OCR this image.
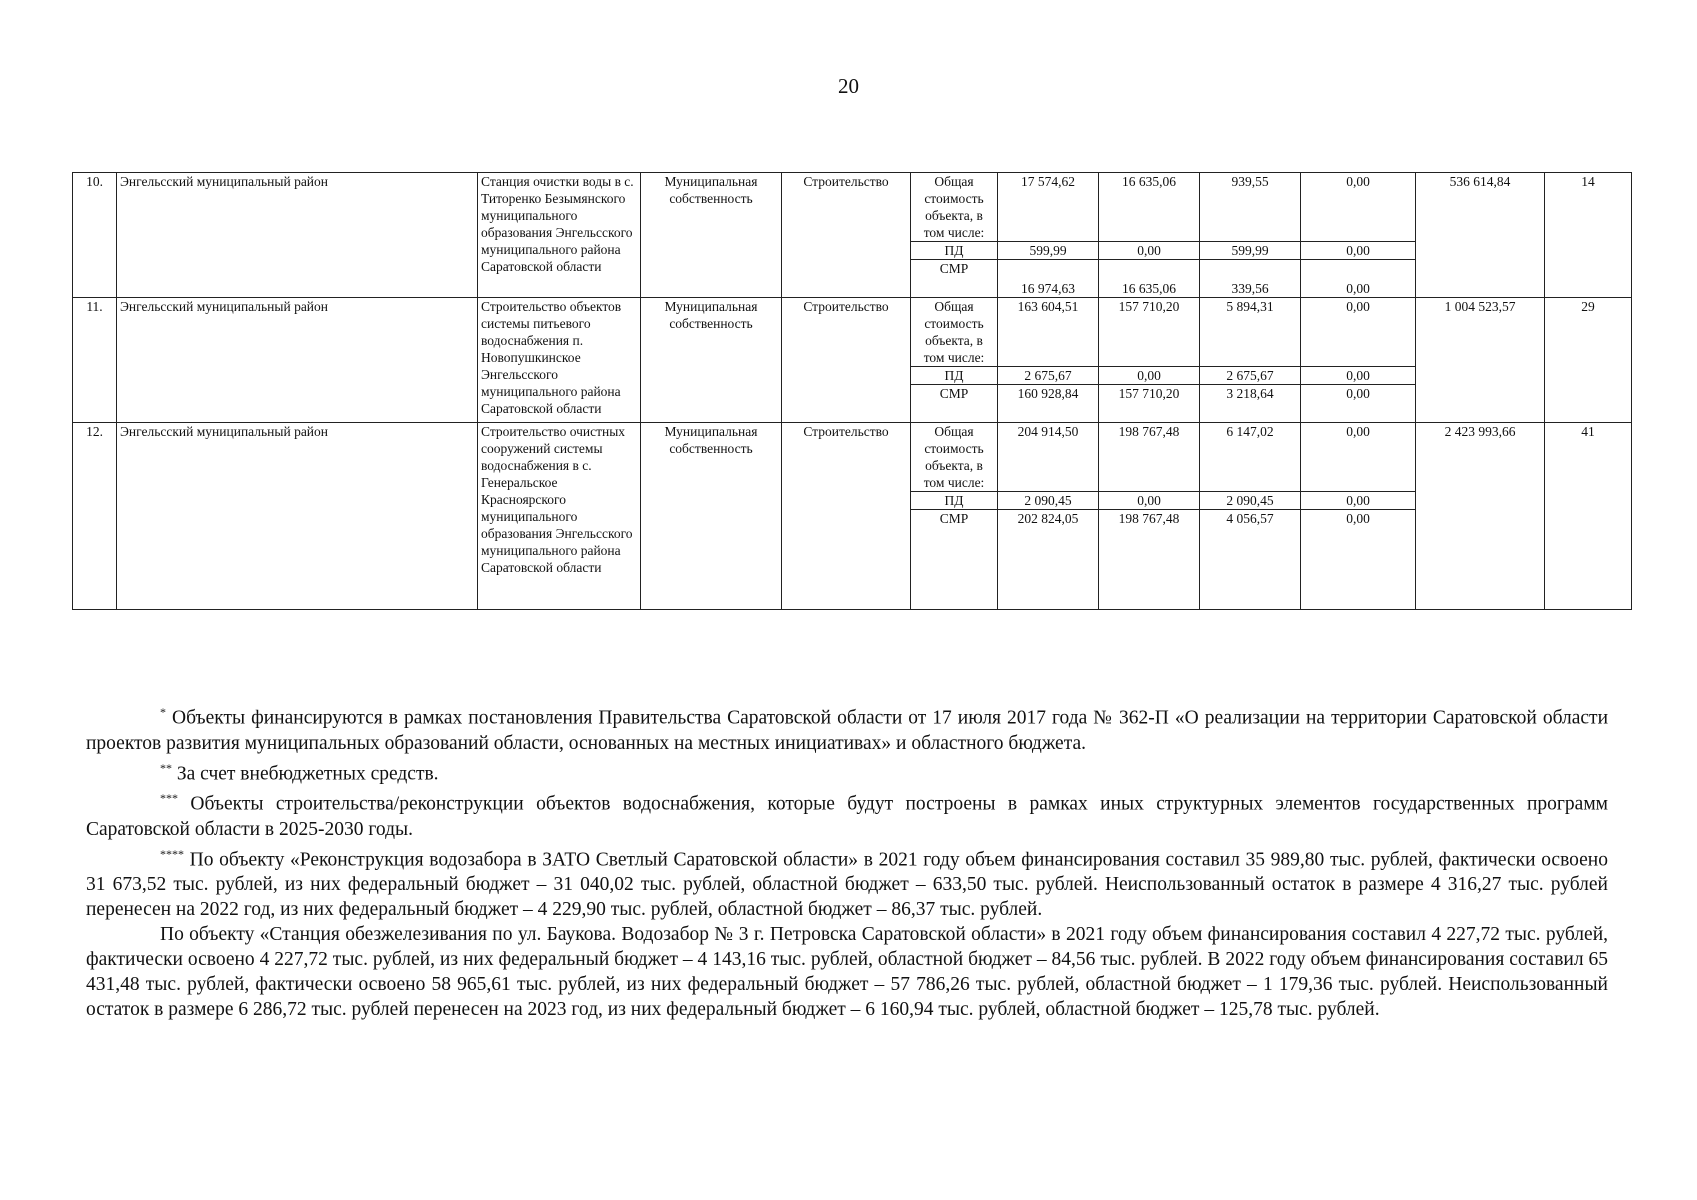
20
10.	Энгельсский муниципальный район	Станция очистки воды в с. Титоренко Безымянского муниципального образования Энгельсского муниципального района Саратовской области	Муниципальная собственность	Строительство	Общая стоимость объекта, в том числе:	17 574,62	16 635,06	939,55	0,00	536 614,84	14
					ПД	599,99	0,00	599,99	0,00		
					СМР	16 974,63	16 635,06	339,56	0,00		
11.	Энгельсский муниципальный район	Строительство объектов системы питьевого водоснабжения п. Новопушкинское Энгельсского муниципального района Саратовской области	Муниципальная собственность	Строительство	Общая стоимость объекта, в том числе:	163 604,51	157 710,20	5 894,31	0,00	1 004 523,57	29
					ПД	2 675,67	0,00	2 675,67	0,00		
					СМР	160 928,84	157 710,20	3 218,64	0,00		
12.	Энгельсский муниципальный район	Строительство очистных сооружений системы водоснабжения в с. Генеральское Красноярского муниципального образования Энгельсского муниципального района Саратовской области	Муниципальная собственность	Строительство	Общая стоимость объекта, в том числе:	204 914,50	198 767,48	6 147,02	0,00	2 423 993,66	41
					ПД	2 090,45	0,00	2 090,45	0,00		
					СМР	202 824,05	198 767,48	4 056,57	0,00		

* Объекты финансируются в рамках постановления Правительства Саратовской области от 17 июля 2017 года № 362-П «О реализации на территории Саратовской области проектов развития муниципальных образований области, основанных на местных инициативах» и областного бюджета.

** За счет внебюджетных средств.

*** Объекты строительства/реконструкции объектов водоснабжения, которые будут построены в рамках иных структурных элементов государственных программ Саратовской области в 2025-2030 годы.

**** По объекту «Реконструкция водозабора в ЗАТО Светлый Саратовской области» в 2021 году объем финансирования составил 35 989,80 тыс. рублей, фактически освоено 31 673,52 тыс. рублей, из них федеральный бюджет – 31 040,02 тыс. рублей, областной бюджет – 633,50 тыс. рублей. Неиспользованный остаток в размере 4 316,27 тыс. рублей перенесен на 2022 год, из них федеральный бюджет – 4 229,90 тыс. рублей, областной бюджет – 86,37 тыс. рублей.

По объекту «Станция обезжелезивания по ул. Баукова. Водозабор № 3 г. Петровска Саратовской области» в 2021 году объем финансирования составил 4 227,72 тыс. рублей, фактически освоено 4 227,72 тыс. рублей, из них федеральный бюджет – 4 143,16 тыс. рублей, областной бюджет – 84,56 тыс. рублей. В 2022 году объем финансирования составил 65 431,48 тыс. рублей, фактически освоено 58 965,61 тыс. рублей, из них федеральный бюджет – 57 786,26 тыс. рублей, областной бюджет – 1 179,36 тыс. рублей. Неиспользованный остаток в размере 6 286,72 тыс. рублей перенесен на 2023 год, из них федеральный бюджет – 6 160,94 тыс. рублей, областной бюджет – 125,78 тыс. рублей.
